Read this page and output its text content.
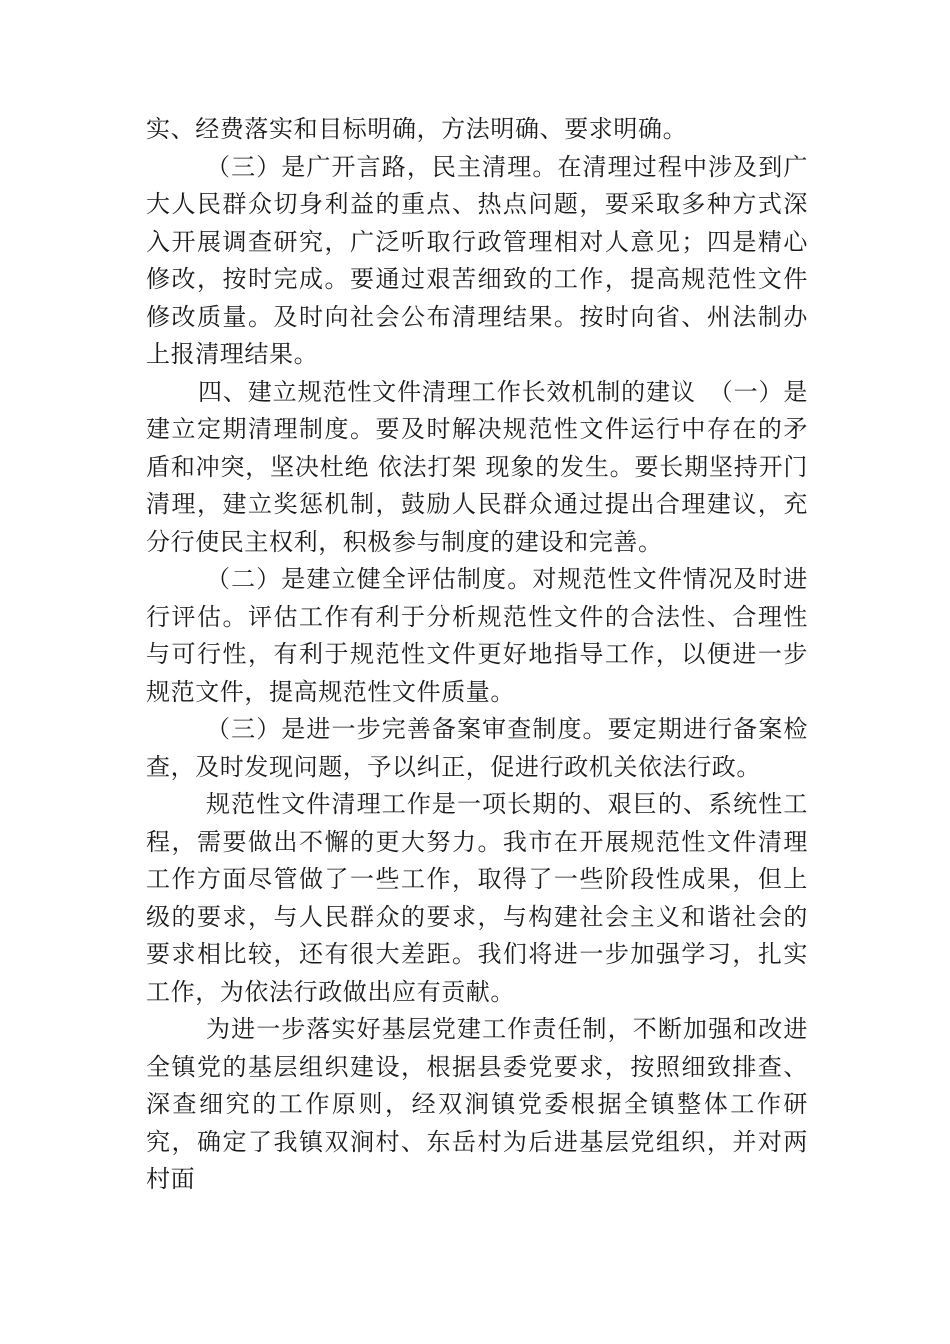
实、经费落实和目标明确，方法明确、要求明确。

（三）是广开言路，民主清理。在清理过程中涉及到广大人民群众切身利益的重点、热点问题，要采取多种方式深入开展调查研究，广泛听取行政管理相对人意见；四是精心修改，按时完成。要通过艰苦细致的工作，提高规范性文件修改质量。及时向社会公布清理结果。按时向省、州法制办上报清理结果。

四、建立规范性文件清理工作长效机制的建议　（一）是建立定期清理制度。要及时解决规范性文件运行中存在的矛盾和冲突，坚决杜绝 依法打架 现象的发生。要长期坚持开门清理，建立奖惩机制，鼓励人民群众通过提出合理建议，充分行使民主权利，积极参与制度的建设和完善。

（二）是建立健全评估制度。对规范性文件情况及时进行评估。评估工作有利于分析规范性文件的合法性、合理性与可行性，有利于规范性文件更好地指导工作，以便进一步规范文件，提高规范性文件质量。

（三）是进一步完善备案审查制度。要定期进行备案检查，及时发现问题，予以纠正，促进行政机关依法行政。

规范性文件清理工作是一项长期的、艰巨的、系统性工程，需要做出不懈的更大努力。我市在开展规范性文件清理工作方面尽管做了一些工作，取得了一些阶段性成果，但上级的要求，与人民群众的要求，与构建社会主义和谐社会的要求相比较，还有很大差距。我们将进一步加强学习，扎实工作，为依法行政做出应有贡献。

为进一步落实好基层党建工作责任制，不断加强和改进全镇党的基层组织建设，根据县委党要求，按照细致排查、深查细究的工作原则，经双涧镇党委根据全镇整体工作研究，确定了我镇双涧村、东岳村为后进基层党组织，并对两村面
